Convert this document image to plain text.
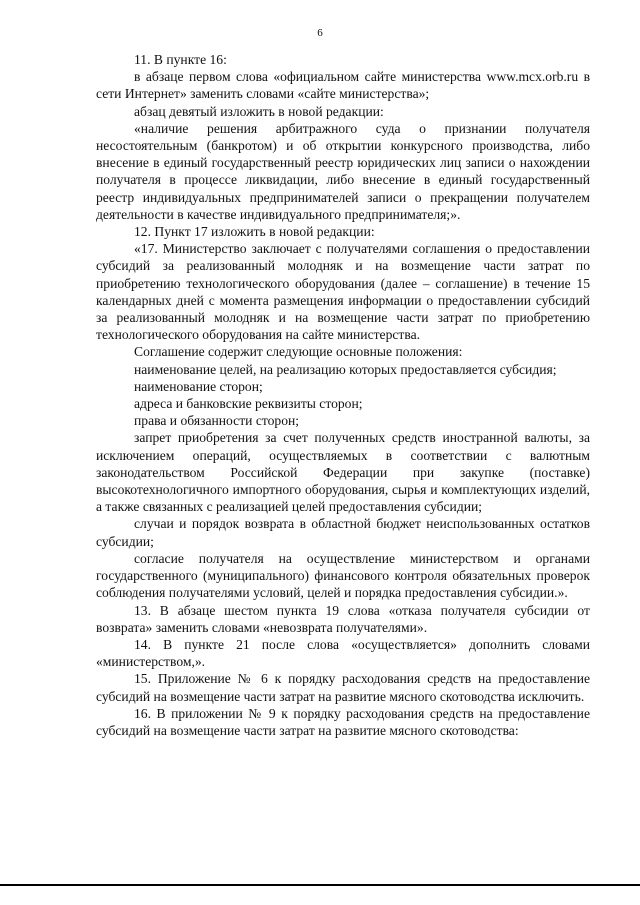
6

11. В пункте 16:

в абзаце первом слова «официальном сайте министерства www.mcx.orb.ru в сети Интернет» заменить словами «сайте министерства»;

абзац девятый изложить в новой редакции:

«наличие решения арбитражного суда о признании получателя несостоятельным (банкротом) и об открытии конкурсного производства, либо внесение в единый государственный реестр юридических лиц записи о нахождении получателя в процессе ликвидации, либо внесение в единый государственный реестр индивидуальных предпринимателей записи о прекращении получателем деятельности в качестве индивидуального предпринимателя;».

12. Пункт 17 изложить в новой редакции:

«17. Министерство заключает с получателями соглашения о предоставлении субсидий за реализованный молодняк и на возмещение части затрат по приобретению технологического оборудования (далее – соглашение) в течение 15 календарных дней с момента размещения информации о предоставлении субсидий за реализованный молодняк и на возмещение части затрат по приобретению технологического оборудования на сайте министерства.

Соглашение содержит следующие основные положения:

наименование целей, на реализацию которых предоставляется субсидия;

наименование сторон;

адреса и банковские реквизиты сторон;

права и обязанности сторон;

запрет приобретения за счет полученных средств иностранной валюты, за исключением операций, осуществляемых в соответствии с валютным законодательством Российской Федерации при закупке (поставке) высокотехнологичного импортного оборудования, сырья и комплектующих изделий, а также связанных с реализацией целей предоставления субсидии;

случаи и порядок возврата в областной бюджет неиспользованных остатков субсидии;

согласие получателя на осуществление министерством и органами государственного (муниципального) финансового контроля обязательных проверок соблюдения получателями условий, целей и порядка предоставления субсидии.».

13. В абзаце шестом пункта 19 слова «отказа получателя субсидии от возврата» заменить словами «невозврата получателями».

14. В пункте 21 после слова «осуществляется» дополнить словами «министерством,».

15. Приложение № 6 к порядку расходования средств на предоставление субсидий на возмещение части затрат на развитие мясного скотоводства исключить.

16. В приложении № 9 к порядку расходования средств на предоставление субсидий на возмещение части затрат на развитие мясного скотоводства:
